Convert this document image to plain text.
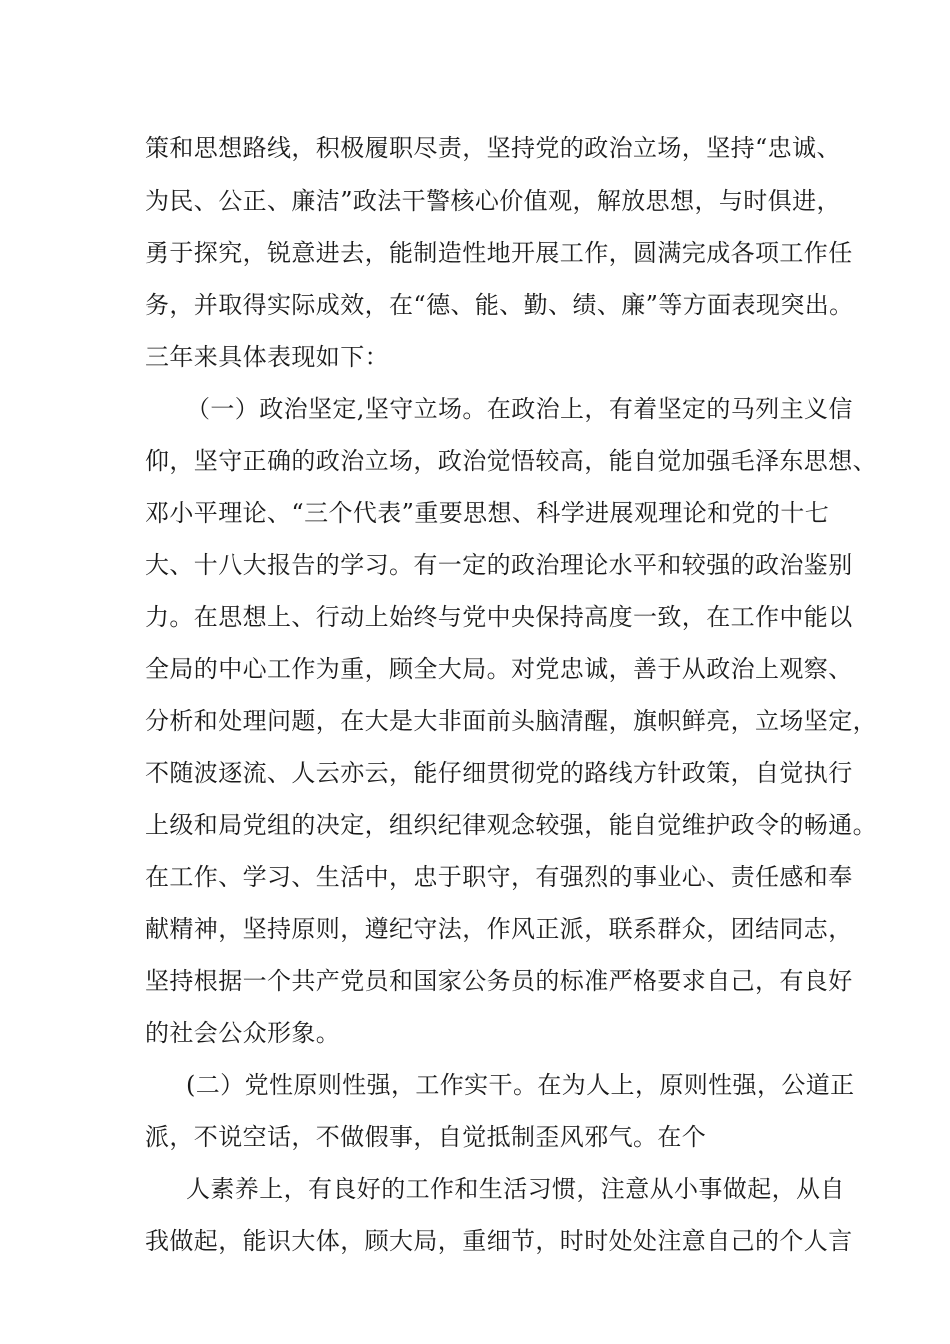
策和思想路线，积极履职尽责，坚持党的政治立场，坚持“忠诚、
为民、公正、廉洁”政法干警核心价值观，解放思想，与时俱进，
勇于探究，锐意进去，能制造性地开展工作，圆满完成各项工作任
务，并取得实际成效，在“德、能、勤、绩、廉”等方面表现突出。
三年来具体表现如下：
（一）政治坚定,坚守立场。在政治上，有着坚定的马列主义信
仰，坚守正确的政治立场，政治觉悟较高，能自觉加强毛泽东思想、
邓小平理论、“三个代表”重要思想、科学进展观理论和党的十七
大、十八大报告的学习。有一定的政治理论水平和较强的政治鉴别
力。在思想上、行动上始终与党中央保持高度一致，在工作中能以
全局的中心工作为重，顾全大局。对党忠诚，善于从政治上观察、
分析和处理问题，在大是大非面前头脑清醒，旗帜鲜亮，立场坚定，
不随波逐流、人云亦云，能仔细贯彻党的路线方针政策，自觉执行
上级和局党组的决定，组织纪律观念较强，能自觉维护政令的畅通。
在工作、学习、生活中，忠于职守，有强烈的事业心、责任感和奉
献精神，坚持原则，遵纪守法，作风正派，联系群众，团结同志，
坚持根据一个共产党员和国家公务员的标准严格要求自己，有良好
的社会公众形象。
(二）党性原则性强，工作实干。在为人上，原则性强，公道正
派，不说空话，不做假事，自觉抵制歪风邪气。在个
人素养上，有良好的工作和生活习惯，注意从小事做起，从自
我做起，能识大体，顾大局，重细节，时时处处注意自己的个人言
